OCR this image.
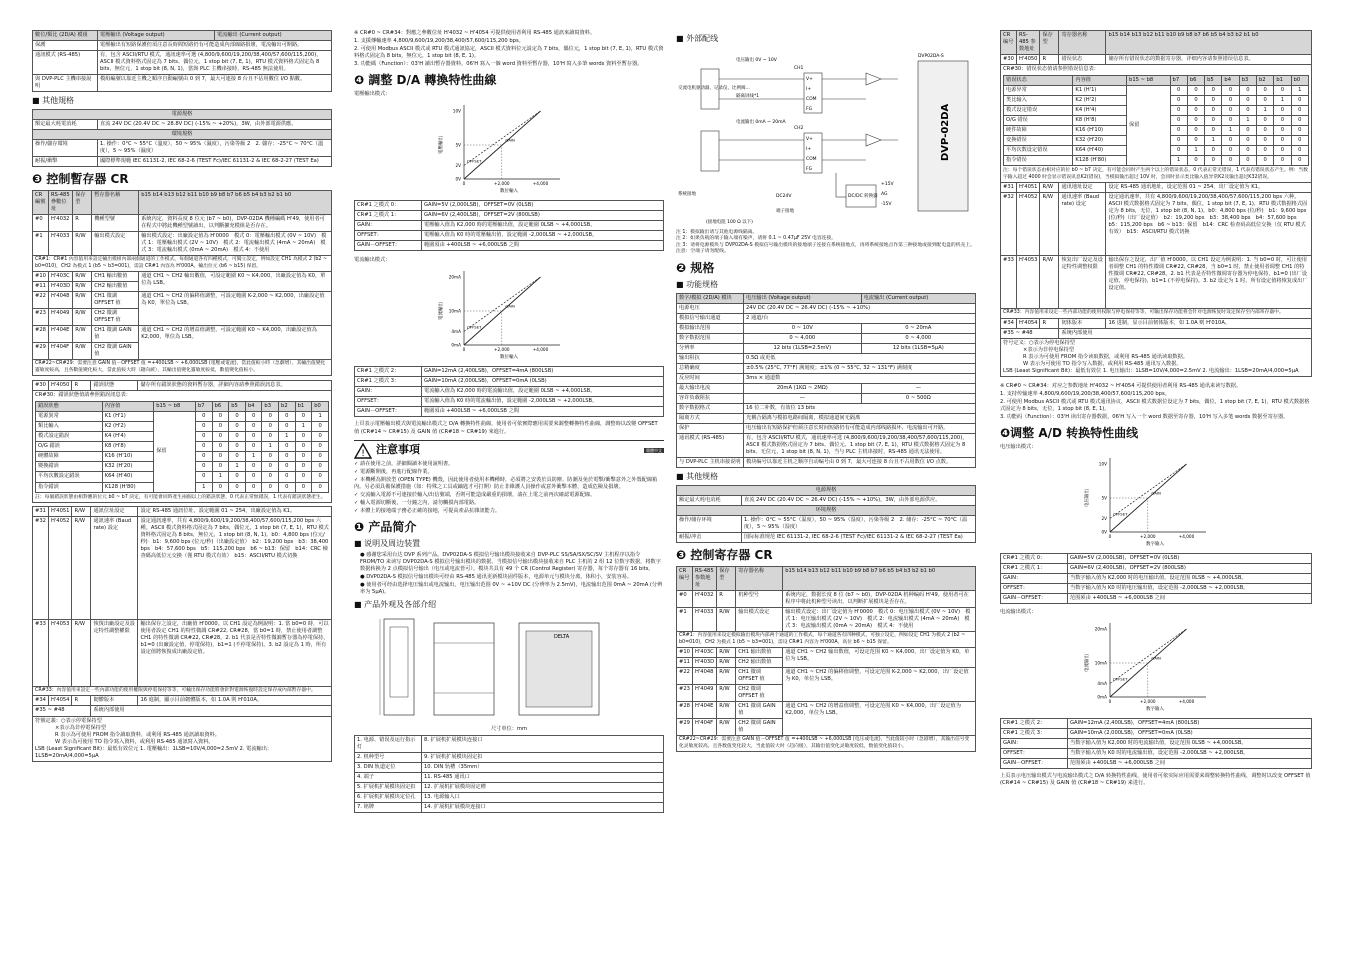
數位/類比 (2D/A) 模組	電壓輸出 (Voltage output)	電流輸出 (Current output)
保護	電壓輸出有短路保護但須注意長時間短路仍有可能造成內部線路損壞，電流輸出可開路。	
通訊模式 (RS-485)	有，包含 ASCII/RTU 模式，通訊速率可選 (4,800/9,600/19,200/38,400/57,600/115,200)，ASCII 模式資料格式固定為 7 bits、偶位元、1 stop bit (7, E, 1)，RTU 模式資料格式固定為 8 bits、無位元、1 stop bit (8, N, 1)，當與 PLC 主機串接時，RS-485 無法使用。	
與 DVP-PLC 主機串接說明	模組編號以靠近主機之順序自動編號由 0 到 7，最大可連接 8 台且不佔用數位 I/O 點數。	
■ 其他規格
電源規格	
額定最大耗電消耗	直流 24V DC (20.4V DC ~ 28.8V DC) (-15% ~ +20%)，3W，由外部電源供應。
環境規格	
操作/儲存環境	1. 操作：0°C ~ 55°C（溫度），50 ~ 95%（濕度），污染等級 2　2. 儲存：-25°C ~ 70°C（溫度），5 ~ 95%（濕度）
耐振/衝擊	國際標準規範 IEC 61131-2, IEC 68-2-6 (TEST Fc)/IEC 61131-2 & IEC 68-2-27 (TEST Ea)
❸ 控制暫存器 CR
CR 編號	RS-485 參數位址	保存型	暫存器名稱	b15 b14 b13 b12 b11 b10 b9 b8 b7 b6 b5 b4 b3 b2 b1 b0
#0	H'4032	R	機種型號	系統內定，資料長度 8 位元 (b7 ~ b0)，DVP-02DA 機種編碼 H'49，使用者可在程式中將此機種型號讀出，以判斷擴充模組是否存在。
#1	H'4033	R/W	輸出模式設定	輸出模式設定：出廠設定值為 H'0000　模式 0：電壓輸出模式 (0V ~ 10V)　模式 1：電壓輸出模式 (2V ~ 10V)　模式 2：電流輸出模式 (4mA ~ 20mA)　模式 3：電流輸出模式 (0mA ~ 20mA)　模式 4：不使用
CR#1：CR#1 內容值用來設定輸出模組內部兩個通道的工作模式，每個通道各有四種模式，可獨立設定，例如設定 CH1 為模式 2 (b2 ~ b0=010)，CH2 為模式 1 (b5 ~ b3=001)，需設 CR#1 內容為 H'000A，輸出位元 (b6 ~ b15) 保留。				
#10	H'403C	R/W	CH1 輸出數值	通道 CH1 ~ CH2 輸出數值，可設定範圍 K0 ~ K4,000，出廠設定值為 K0，單位為 LSB。
#11	H'403D	R/W	CH2 輸出數值	
#22	H'4048	R/W	CH1 微調 OFFSET 值	通道 CH1 ~ CH2 的偏移值調整，可設定範圍 K-2,000 ~ K2,000，出廠設定值為 K0，單位為 LSB。
#23	H'4049	R/W	CH2 微調 OFFSET 值	
#28	H'404E	R/W	CH1 微調 GAIN 值	通道 CH1 ~ CH2 的增益值調整，可設定範圍 K0 ~ K4,000，出廠設定值為 K2,000，單位為 LSB。
#29	H'404F	R/W	CH2 微調 GAIN 值	
CR#22~CR#29：需要注意 GAIN 值－OFFSET 值 =+400LSB ~ +6,000LSB (電壓或電流)，當此值較小時（急劇增），其輸出值變化靈敏度較高，且各數值變化較大，當此值較大時（趨向緩），其輸出值變化靈敏度較低，數值變化值較小。				
#30	H'4050	R	錯誤狀態	儲存所有錯誤狀態的資料暫存器，詳細內容請參照錯誤訊息表。

CR#30：錯誤狀態值請參照錯誤訊息表：
錯誤狀態	內容值	b15 ~ b8	b7	b6	b5	b4	b3	b2	b1	b0
電源異常	K1 (H'1)	保留	0	0	0	0	0	0	0	1
類比輸入	K2 (H'2)	0	0	0	0	0	0	1	0
模式設定錯誤	K4 (H'4)	0	0	0	0	0	1	0	0
O/G 錯誤	K8 (H'8)	0	0	0	0	1	0	0	0
硬體故障	K16 (H'10)	0	0	0	1	0	0	0	0
變換錯誤	K32 (H'20)	0	0	1	0	0	0	0	0
平均次數設定錯誤	K64 (H'40)	0	1	0	0	0	0	0	0
指令錯誤	K128 (H'80)	1	0	0	0	0	0	0	0
註：每個錯誤狀態由相對應的位元 b0 ~ b7 決定，有可能會同時產生兩個以上的錯誤狀態，0 代表正常無錯誤，1 代表有錯誤狀態產生。
#31	H'4051	R/W	通訊位址設定	設定 RS-485 通訊位址，設定範圍 01 ~ 254，出廠設定值為 K1。
#32	H'4052	R/W	通訊速率 (Baud rate) 設定	設定通訊速率，共有 4,800/9,600/19,200/38,400/57,600/115,200 bps 六種。ASCII 模式資料格式固定為 7 bits，偶位元，1 stop bit (7, E, 1)，RTU 模式資料格式固定為 8 bits，無位元，1 stop bit (8, N, 1)。b0：4,800 bps (位元/秒)　b1：9,600 bps (位元/秒)（出廠設定值）　b2：19,200 bps　b3：38,400 bps　b4：57,600 bps　b5：115,200 bps　b6 ~ b13：保留　b14：CRC 檢查碼高低位元交換（僅 RTU 模式有效）　b15：ASCII/RTU 模式切換
#33	H'4053	R/W	恢復出廠設定及設定特性調整權限	輸出保存之設定，出廠值 H'0000。以 CH1 設定為例說明：1. 當 b0=0 時，可以使用者設定 CH1 的特性微調 CR#22, CR#28，當 b0=1 時，禁止使用者調整 CH1 的特性微調 CR#22, CR#28。2. b1 代表是否特性微調暫存器為停電保持，b1=0 (出廠設定值，停電保持)，b1=1 (不停電保持)。3. b2 設定為 1 時，所有設定值將恢復成出廠設定值。
CR#33：內容值用來設定一些內部功能的使用權限與停電保持等等，可輸出保存功能將會針對電源恢復時設定保存成內部暫存器中。				
#34	H'4054	R	韌體版本	16 進制，顯示目前韌體版本，如 1.0A 則 H'010A。
#35 ~ #48			系統內部使用	

符號定義：○表示停電保持型
×表示為非停電保持型
R 表示為可使用 FROM 指令讀取資料，或利用 RS-485 通訊讀取資料。
W 表示為可使用 TO 指令寫入資料，或利用 RS-485 通訊寫入資料。
LSB (Least Significant Bit)：最低有效位元 1. 電壓輸出：1LSB=10V/4,000=2.5mV 2. 電流輸出：1LSB=20mA/4,000=5μA				
※ CR#0 ~ CR#34：對應之參數位址 H'4032 ~ H'4054 可提供使用者利用 RS-485 通訊來讀寫資料。
1. 支援傳輸速率 4,800/9,600/19,200/38,400/57,600/115,200 bps。
2. 可使用 Modbus ASCII 模式或 RTU 模式通訊協定，ASCII 模式資料位元設定為 7 bits，偶位元，1 stop bit (7, E, 1)，RTU 模式資料格式固定為 8 bits，無位元，1 stop bit (8, E, 1)。
3. 功能碼（Function）：03'H 讀出暫存器資料，06'H 寫入一個 word 資料至暫存器，10'H 寫入多筆 words 資料至暫存器。
❹ 調整 D/A 轉換特性曲線
電壓輸出模式：
10V
5V
2V
0V
0	+2,000	+4,000
電壓輸出
數位輸入
GAIN
OFFSET
CR#1 之模式 0：	GAIN=5V (2,000LSB)，OFFSET=0V (0LSB)
CR#1 之模式 1：	GAIN=6V (2,400LSB)，OFFSET=2V (800LSB)
GAIN：	電壓輸入值為 K2,000 時的電壓輸出值，設定範圍 0LSB ~ +4,000LSB。
OFFSET：	電壓輸入值為 K0 時的電壓輸出值，設定範圍 -2,000LSB ~ +2,000LSB。
GAIN－OFFSET：	範圍須由 +400LSB ~ +6,000LSB 之間
電流輸出模式：
20mA
10mA
4mA
0mA
0	+2,000	+4,000
電流輸出
數位輸入
GAIN
OFFSET
CR#1 之模式 2：	GAIN=12mA (2,400LSB)，OFFSET=4mA (800LSB)
CR#1 之模式 3：	GAIN=10mA (2,000LSB)，OFFSET=0mA (0LSB)
GAIN：	電流輸入值為 K2,000 時的電流輸出值，設定範圍 0LSB ~ +4,000LSB。
OFFSET：	電流輸入值為 K0 時的電流輸出值，設定範圍 -2,000LSB ~ +2,000LSB。
GAIN－OFFSET：	範圍須由 +400LSB ~ +6,000LSB 之間
上頁表示電壓輸出模式與電流輸出模式之 D/A 轉換特性曲線，使用者可依實際應用需要來調整轉換特性曲線，調整時以改變 OFFSET 值 (CR#14 ~ CR#15) 及 GAIN 值 (CR#18 ~ CR#19) 來進行。
! 注意事項	簡體中文
✓ 請在使用之前，詳細閱讀本使用說明書。
✓ 電源斷開後，再進行配線作業。
✓ 本機種為開放型 (OPEN TYPE) 機殼，因此使用者使用本機種時，必須將之安裝於具防塵、防潮及免於電擊/衝擊意外之外殼配線箱內。另必須具備保護措施（如：特殊之工具或鑰匙才可打開）防止非維護人員操作或意外衝擊本體，造成危險及損壞。
✓ 交流輸入電源不可連接於輸入/出信號端，否則可能造成嚴重的損壞，請在上電之前再次確認電源配線。
✓ 輸入電源切斷後，一分鐘之內，請勿觸摸內部電路。
✓ 本體上的接地端子務必正確的接地，可提高產品抗雜訊能力。
❶ 产品简介
■ 说明及周边装置
● 感谢您采用台达 DVP 系列产品。DVP02DA-S 模拟信号输出模块接收来自 DVP-PLC SS/SA/SX/SC/SV 主机程序以指令 FROM/TO 来读写 DVP02DA-S 模拟信号输出模块的数据。当模拟信号输出模块接收来自 PLC 主机的 2 组 12 位数字数据，将数字数据转换为 2 点模拟信号输出（电压或电流皆可）。模块共具有 49 个 CR (Control Register) 寄存器，每个寄存器有 16 bits。
● DVP02DA-S 模拟信号输出模块可经由 RS-485 通讯更新模块固件版本，电源单元与模块分离，体积小，安装容易。
● 使用者可经由选择电压输出或电流输出，电压输出范围 0V ~ +10V DC (分辨率为 2.5mV)，电流输出范围 0mA ~ 20mA (分辨率为 5μA)。
■ 产品外观及各部介绍
DELTA
尺寸单位：mm
1. 电源、错误及运行指示灯	8. 扩展机扩展模块连接口
2. 机种型号	9. 扩展机扩展模块固定扣
3. DIN 轨道定位	10. DIN 轨槽（35mm）
4. 端子	11. RS-485 通讯口
5. 扩展机扩展模块固定扣	12. 扩展机扩展模块固定槽
6. 扩展机扩展模块定位孔	13. 电源输入口
7. 铭牌	14. 扩展机扩展模块连接口
■ 外部配线
电压输出 0V ~ 10V
CH1
V+
I+
COM
FG
电流输出 0mA ~ 20mA
CH2
V+
I+
COM
FG
交流电机驱动器、记录仪、比例阀...
隔离屏线*1
DC/DC 转换器
+15V
AG
-15V
系统接地	DC24V
端子接地
(接地电阻 100 Ω 以下)
DVP02DA-S
DVP-02DA
注 1：模拟输出请与其他电源线隔离。
注 2：如果负载的端子输入端有噪声，请将 0.1 ~ 0.47μF 25V 电容连接。
注 3：请将电源模块与 DVP02DA-S 模拟信号输出模块的接地端子连接在系统接地点，再将系统接地点作第三种接地或接到配电盘的机壳上。
注意：空端子请勿配线。
❷ 规格
■ 功能规格
数字/模拟 (2D/A) 模块	电压输出 (Voltage output)	电流输出 (Current output)
电源电压	24V DC (20.4V DC ~ 26.4V DC) (-15% ~ +10%)	
模拟信号输出通道	2 通道/台	
模拟输出范围	0 ~ 10V	0 ~ 20mA
数字数据范围	0 ~ 4,000	0 ~ 4,000
分辨率	12 bits (1LSB=2.5mV)	12 bits (1LSB=5μA)
输出阻抗	0.5Ω 或更低	
总精确度	±0.5% (25°C, 77°F) 满刻度；±1% (0 ~ 55°C, 32 ~ 131°F) 满刻度	
反应时间	3ms × 通道数	
最大输出电流	20mA (1KΩ ~ 2MΩ)	—
容许负载阻抗	—	0 ~ 500Ω
数字数据格式	16 位二补数，有效位 13 bits	
隔离方式	光耦合隔离与模拟电路间隔离，模拟通道间无隔离	
保护	电压输出有短路保护但须注意长时间短路仍有可能造成内部线路损坏，电流输出可开路。	
通讯模式 (RS-485)	有，包含 ASCII/RTU 模式，通讯速率可选 (4,800/9,600/19,200/38,400/57,600/115,200)，ASCII 模式数据格式固定为 7 bits、偶位元、1 stop bit (7, E, 1)，RTU 模式数据格式固定为 8 bits、无位元、1 stop bit (8, N, 1)，当与 PLC 主机串接时，RS-485 通讯无法使用。	
与 DVP-PLC 主机串接说明	模块编号以靠近主机之顺序自动编号由 0 到 7，最大可连接 8 台且不占用数位 I/O 点数。	
■ 其他规格
电源规格	
额定最大耗电消耗	直流 24V DC (20.4V DC ~ 26.4V DC) (-15% ~ +10%)，3W，由外部电源供应。
环境规格	
操作/储存环境	1. 操作：0°C ~ 55°C（温度），50 ~ 95%（湿度），污染等级 2　2. 储存：-25°C ~ 70°C（温度），5 ~ 95%（湿度）
耐振/冲击	国际标准规范 IEC 61131-2, IEC 68-2-6 (TEST Fc)/IEC 61131-2 & IEC 68-2-27 (TEST Ea)
❸ 控制寄存器 CR
CR 编号	RS-485 参数地址	保存型	寄存器名称	b15 b14 b13 b12 b11 b10 b9 b8 b7 b6 b5 b4 b3 b2 b1 b0
#0	H'4032	R	机种型号	系统内定，数据长度 8 位 (b7 ~ b0)，DVP-02DA 机种编码 H'49。使用者可在程序中将此机种型号读出，以判断扩展模块是否存在。
#1	H'4033	R/W	输出模式设定	输出模式设定：出厂设定值为 H'0000　模式 0：电压输出模式 (0V ~ 10V)　模式 1：电压输出模式 (2V ~ 10V)　模式 2：电流输出模式 (4mA ~ 20mA)　模式 3：电流输出模式 (0mA ~ 20mA)　模式 4：不使用
CR#1：内容值用来设定模拟输出模块内部两个通道的工作模式，每个通道各有四种模式，可独立设定，例如设定 CH1 为模式 2 (b2 ~ b0=010)，CH2 为模式 1 (b5 ~ b3=001)，需设 CR#1 内容为 H'000A，高位 b6 ~ b15 保留。				
#10	H'403C	R/W	CH1 输出数值	通道 CH1 ~ CH2 输出数值，可设定范围 K0 ~ K4,000，出厂设定值为 K0，单位为 LSB。
#11	H'403D	R/W	CH2 输出数值	
#22	H'4048	R/W	CH1 微调 OFFSET 值	通道 CH1 ~ CH2 的偏移值调整，可设定范围 K-2,000 ~ K2,000，出厂设定值为 K0，单位为 LSB。
#23	H'4049	R/W	CH2 微调 OFFSET 值	
#28	H'404E	R/W	CH1 微调 GAIN 值	通道 CH1 ~ CH2 的增益值调整，可设定范围 K0 ~ K4,000，出厂设定值为 K2,000，单位为 LSB。
#29	H'404F	R/W	CH2 微调 GAIN 值	
CR#22~CR#29：需要注意 GAIN 值－OFFSET 值 =+400LSB ~ +6,000LSB (电压或电流)，当此值较小时（急剧增），其输出信号变化灵敏度较高，且各数值变化较大，当此值较大时（趋向缓），其输出值变化灵敏度较低，数值变化值较小。				
CR 编号	RS-485 参数地址	保存型	寄存器名称	b15 b14 b13 b12 b11 b10 b9 b8 b7 b6 b5 b4 b3 b2 b1 b0
#30	H'4050	R	错误状态	储存所有错误状态的数据寄存器，详细内容请参照错误信息表。

CR#30：错误状态值请参照错误信息表：
错误状态	内容值	b15 ~ b8	b7	b6	b5	b4	b3	b2	b1	b0
电源异常	K1 (H'1)	保留	0	0	0	0	0	0	0	1
类比输入	K2 (H'2)	0	0	0	0	0	0	1	0
模式设定错误	K4 (H'4)	0	0	0	0	0	1	0	0
O/G 错误	K8 (H'8)	0	0	0	0	1	0	0	0
硬件故障	K16 (H'10)	0	0	0	1	0	0	0	0
变换错误	K32 (H'20)	0	0	1	0	0	0	0	0
平均次数设定错误	K64 (H'40)	0	1	0	0	0	0	0	0
指令错误	K128 (H'80)	1	0	0	0	0	0	0	0
注：每个错误状态由相对应的位 b0 ~ b7 决定，有可能会同时产生两个以上的错误状态，0 代表正常无错误，1 代表有错误状态产生。例：当数字输入超过 4000 时会显示错误讯息K2(错误)，当模拟输出超过 10V 时，会同时显示类比输入值异常K2及输出超过K32错误。

#31	H'4051	R/W	通讯地址设定	设定 RS-485 通讯地址，设定范围 01 ~ 254，出厂设定值为 K1。
#32	H'4052	R/W	通讯速率 (Baud rate) 设定	设定通讯速率，共有 4,800/9,600/19,200/38,400/57,600/115,200 bps 六种。ASCII 模式数据格式固定为 7 bits，偶位，1 stop bit (7, E, 1)，RTU 模式数据格式固定为 8 bits，无位，1 stop bit (8, N, 1)。b0：4,800 bps (位/秒)　b1：9,600 bps (位/秒)（出厂设定值）　b2：19,200 bps　b3：38,400 bps　b4：57,600 bps　b5：115,200 bps　b6 ~ b13：保留　b14：CRC 检查码高低位交换（仅 RTU 模式有效）　b15：ASCII/RTU 模式切换
#33	H'4053	R/W	恢复出厂设定及设定特性调整权限	输出保存之设定，出厂值 H'0000。以 CH1 设定为例说明：1. 当 b0=0 时，可让使用者调整 CH1 的特性微调 CR#22, CR#28，当 b0=1 时，禁止使用者调整 CH1 的特性微调 CR#22, CR#28。2. b1 代表是否特性微调寄存器为停电保持，b1=0 (出厂设定值，停电保持)，b1=1 (不停电保持)。3. b2 设定为 1 时，所有设定值将恢复成出厂设定值。
CR#33：内容值用来设定一些内部功能的使用权限与停电保持等等，可输出保存功能将会针对电源恢复时设定保存至内部寄存器中。
#34	H'4054	R	韧体版本	16 进制，显示目前韧体版本，如 1.0A 则 H'010A。
#35 ~ #48	系统内部使用

符号定义：○表示为停电保持型
×表示为非停电保持型
R 表示为可使用 FROM 指令读取数据，或利用 RS-485 通讯读取数据。
W 表示为可使用 TO 指令写入数据，或利用 RS-485 通讯写入数据。
LSB (Least Significant Bit)：最低有效位 1. 电压输出：1LSB=10V/4,000=2.5mV 2. 电流输出：1LSB=20mA/4,000=5μA
※ CR#0 ~ CR#34：对应之参数地址 H'4032 ~ H'4054 可提供使用者利用 RS-485 通讯来读写数据。
1. 支持传输速率 4,800/9,600/19,200/38,400/57,600/115,200 bps。
2. 可使用 Modbus ASCII 模式或 RTU 模式通讯协议，ASCII 模式数据位设定为 7 bits，偶位，1 stop bit (7, E, 1)，RTU 模式数据格式固定为 8 bits，无位，1 stop bit (8, E, 1)。
3. 功能码（Function）：03'H 读出寄存器数据，06'H 写入一个 word 数据至寄存器，10'H 写入多笔 words 数据至寄存器。
❹调整 A/D 转换特性曲线
电压输出模式：
10V
5V
2V
0V
0	+2,000	+4,000
电压输出
数字输入
GAIN
OFFSET
CR#1 之模式 0：	GAIN=5V (2,000LSB)，OFFSET=0V (0LSB)
CR#1 之模式 1：	GAIN=6V (2,400LSB)，OFFSET=2V (800LSB)
GAIN：	当数字输入值为 K2,000 时的电压输出值，设定范围 0LSB ~ +4,000LSB。
OFFSET：	当数字输入值为 K0 时的电压输出值，设定范围 -2,000LSB ~ +2,000LSB。
GAIN－OFFSET：	范围须由 +400LSB ~ +6,000LSB 之间
电流输出模式：
20mA
10mA
4mA
0mA
0	+2,000	+4,000
电流输出
数字输入
GAIN
OFFSET
CR#1 之模式 2：	GAIN=12mA (2,400LSB)，OFFSET=4mA (800LSB)
CR#1 之模式 3：	GAIN=10mA (2,000LSB)，OFFSET=0mA (0LSB)
GAIN：	当数字输入值为 K2,000 时的电流输出值，设定范围 0LSB ~ +4,000LSB。
OFFSET：	当数字输入值为 K0 时的电流输出值，设定范围 -2,000LSB ~ +2,000LSB。
GAIN－OFFSET：	范围须由 +400LSB ~ +6,000LSB 之间
上页表示电压输出模式与电流输出模式之 D/A 转换特性曲线，使用者可依实际应用需要来调整转换特性曲线，调整时以改变 OFFSET 值 (CR#14 ~ CR#15) 及 GAIN 值 (CR#18 ~ CR#19) 来进行。
